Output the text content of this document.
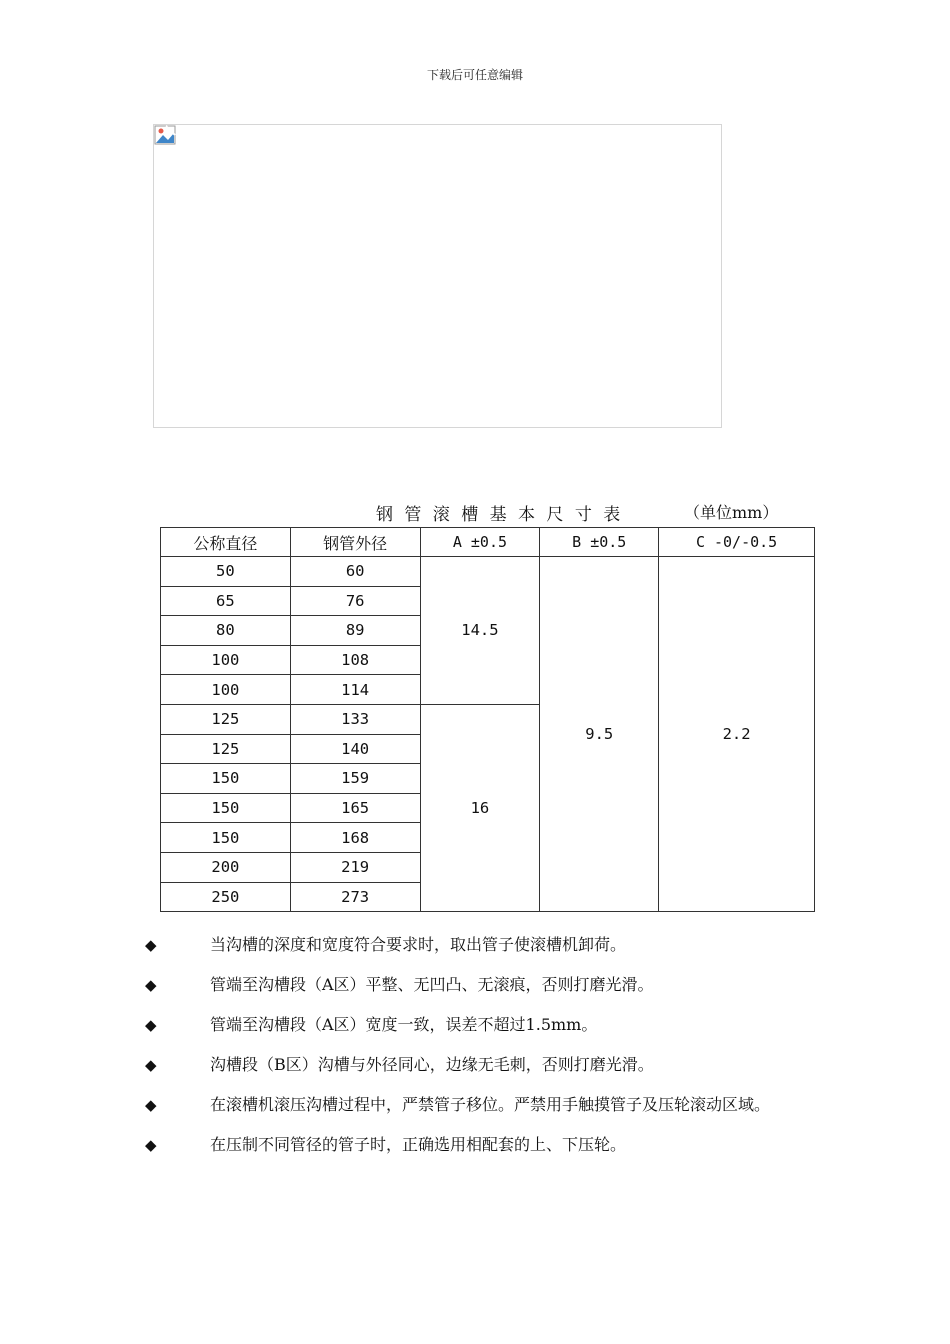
下载后可任意编辑
钢 管 滚 槽 基 本 尺 寸 表	（单位mm）
公称直径	钢管外径	A ±0.5	B ±0.5	C -0/-0.5
50	60	14.5	9.5	2.2
65	76			
80	89			
100	108			
100	114			
125	133	16		
125	140			
150	159			
150	165			
150	168			
200	219			
250	273			
◆	当沟槽的深度和宽度符合要求时，取出管子使滚槽机卸荷。
◆	管端至沟槽段（A区）平整、无凹凸、无滚痕，否则打磨光滑。
◆	管端至沟槽段（A区）宽度一致，误差不超过1.5mm。
◆	沟槽段（B区）沟槽与外径同心，边缘无毛刺，否则打磨光滑。
◆	在滚槽机滚压沟槽过程中，严禁管子移位。严禁用手触摸管子及压轮滚动区域。
◆	在压制不同管径的管子时，正确选用相配套的上、下压轮。
